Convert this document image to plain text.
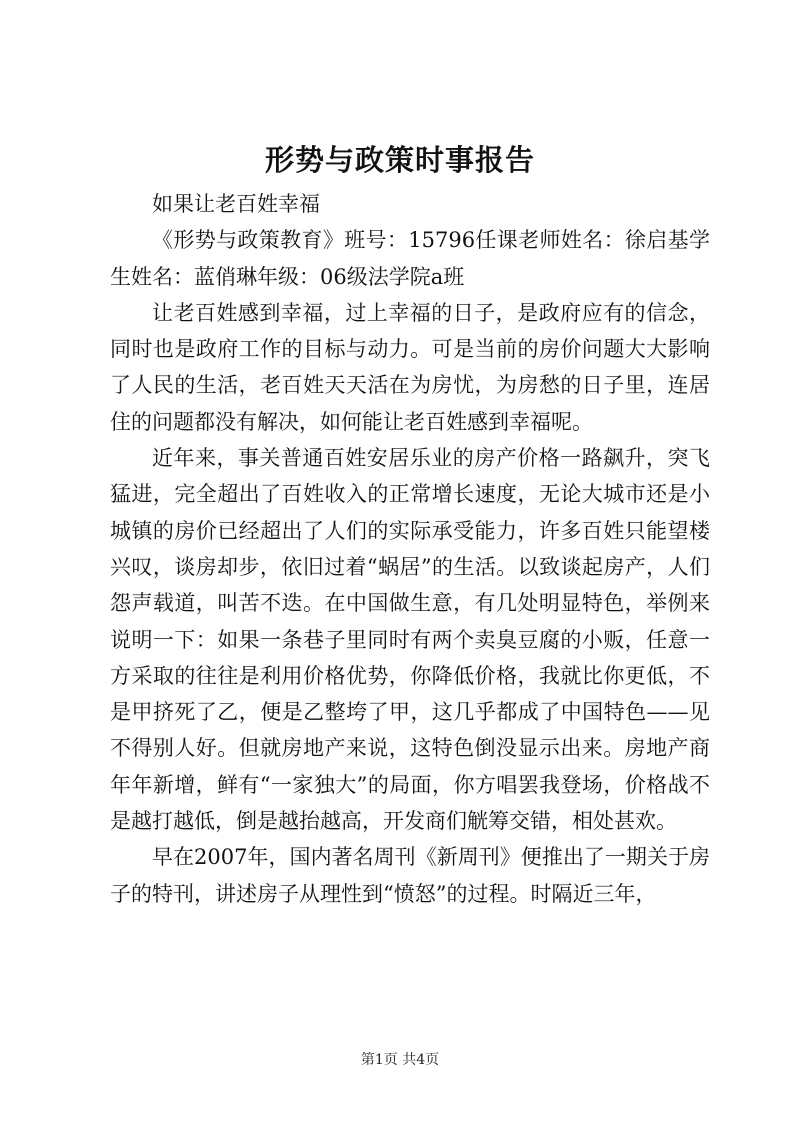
形势与政策时事报告

如果让老百姓幸福

《形势与政策教育》班号：15796任课老师姓名：徐启基学生姓名：蓝俏琳年级：06级法学院a班

让老百姓感到幸福，过上幸福的日子，是政府应有的信念，同时也是政府工作的目标与动力。可是当前的房价问题大大影响了人民的生活，老百姓天天活在为房忧，为房愁的日子里，连居住的问题都没有解决，如何能让老百姓感到幸福呢。

近年来，事关普通百姓安居乐业的房产价格一路飙升，突飞猛进，完全超出了百姓收入的正常增长速度，无论大城市还是小城镇的房价已经超出了人们的实际承受能力，许多百姓只能望楼兴叹，谈房却步，依旧过着“蜗居”的生活。以致谈起房产，人们怨声载道，叫苦不迭。在中国做生意，有几处明显特色，举例来说明一下：如果一条巷子里同时有两个卖臭豆腐的小贩，任意一方采取的往往是利用价格优势，你降低价格，我就比你更低，不是甲挤死了乙，便是乙整垮了甲，这几乎都成了中国特色——见不得别人好。但就房地产来说，这特色倒没显示出来。房地产商年年新增，鲜有“一家独大”的局面，你方唱罢我登场，价格战不是越打越低，倒是越抬越高，开发商们觥筹交错，相处甚欢。

早在2007年，国内著名周刊《新周刊》便推出了一期关于房子的特刊，讲述房子从理性到“愤怒”的过程。时隔近三年，

第1页 共4页
